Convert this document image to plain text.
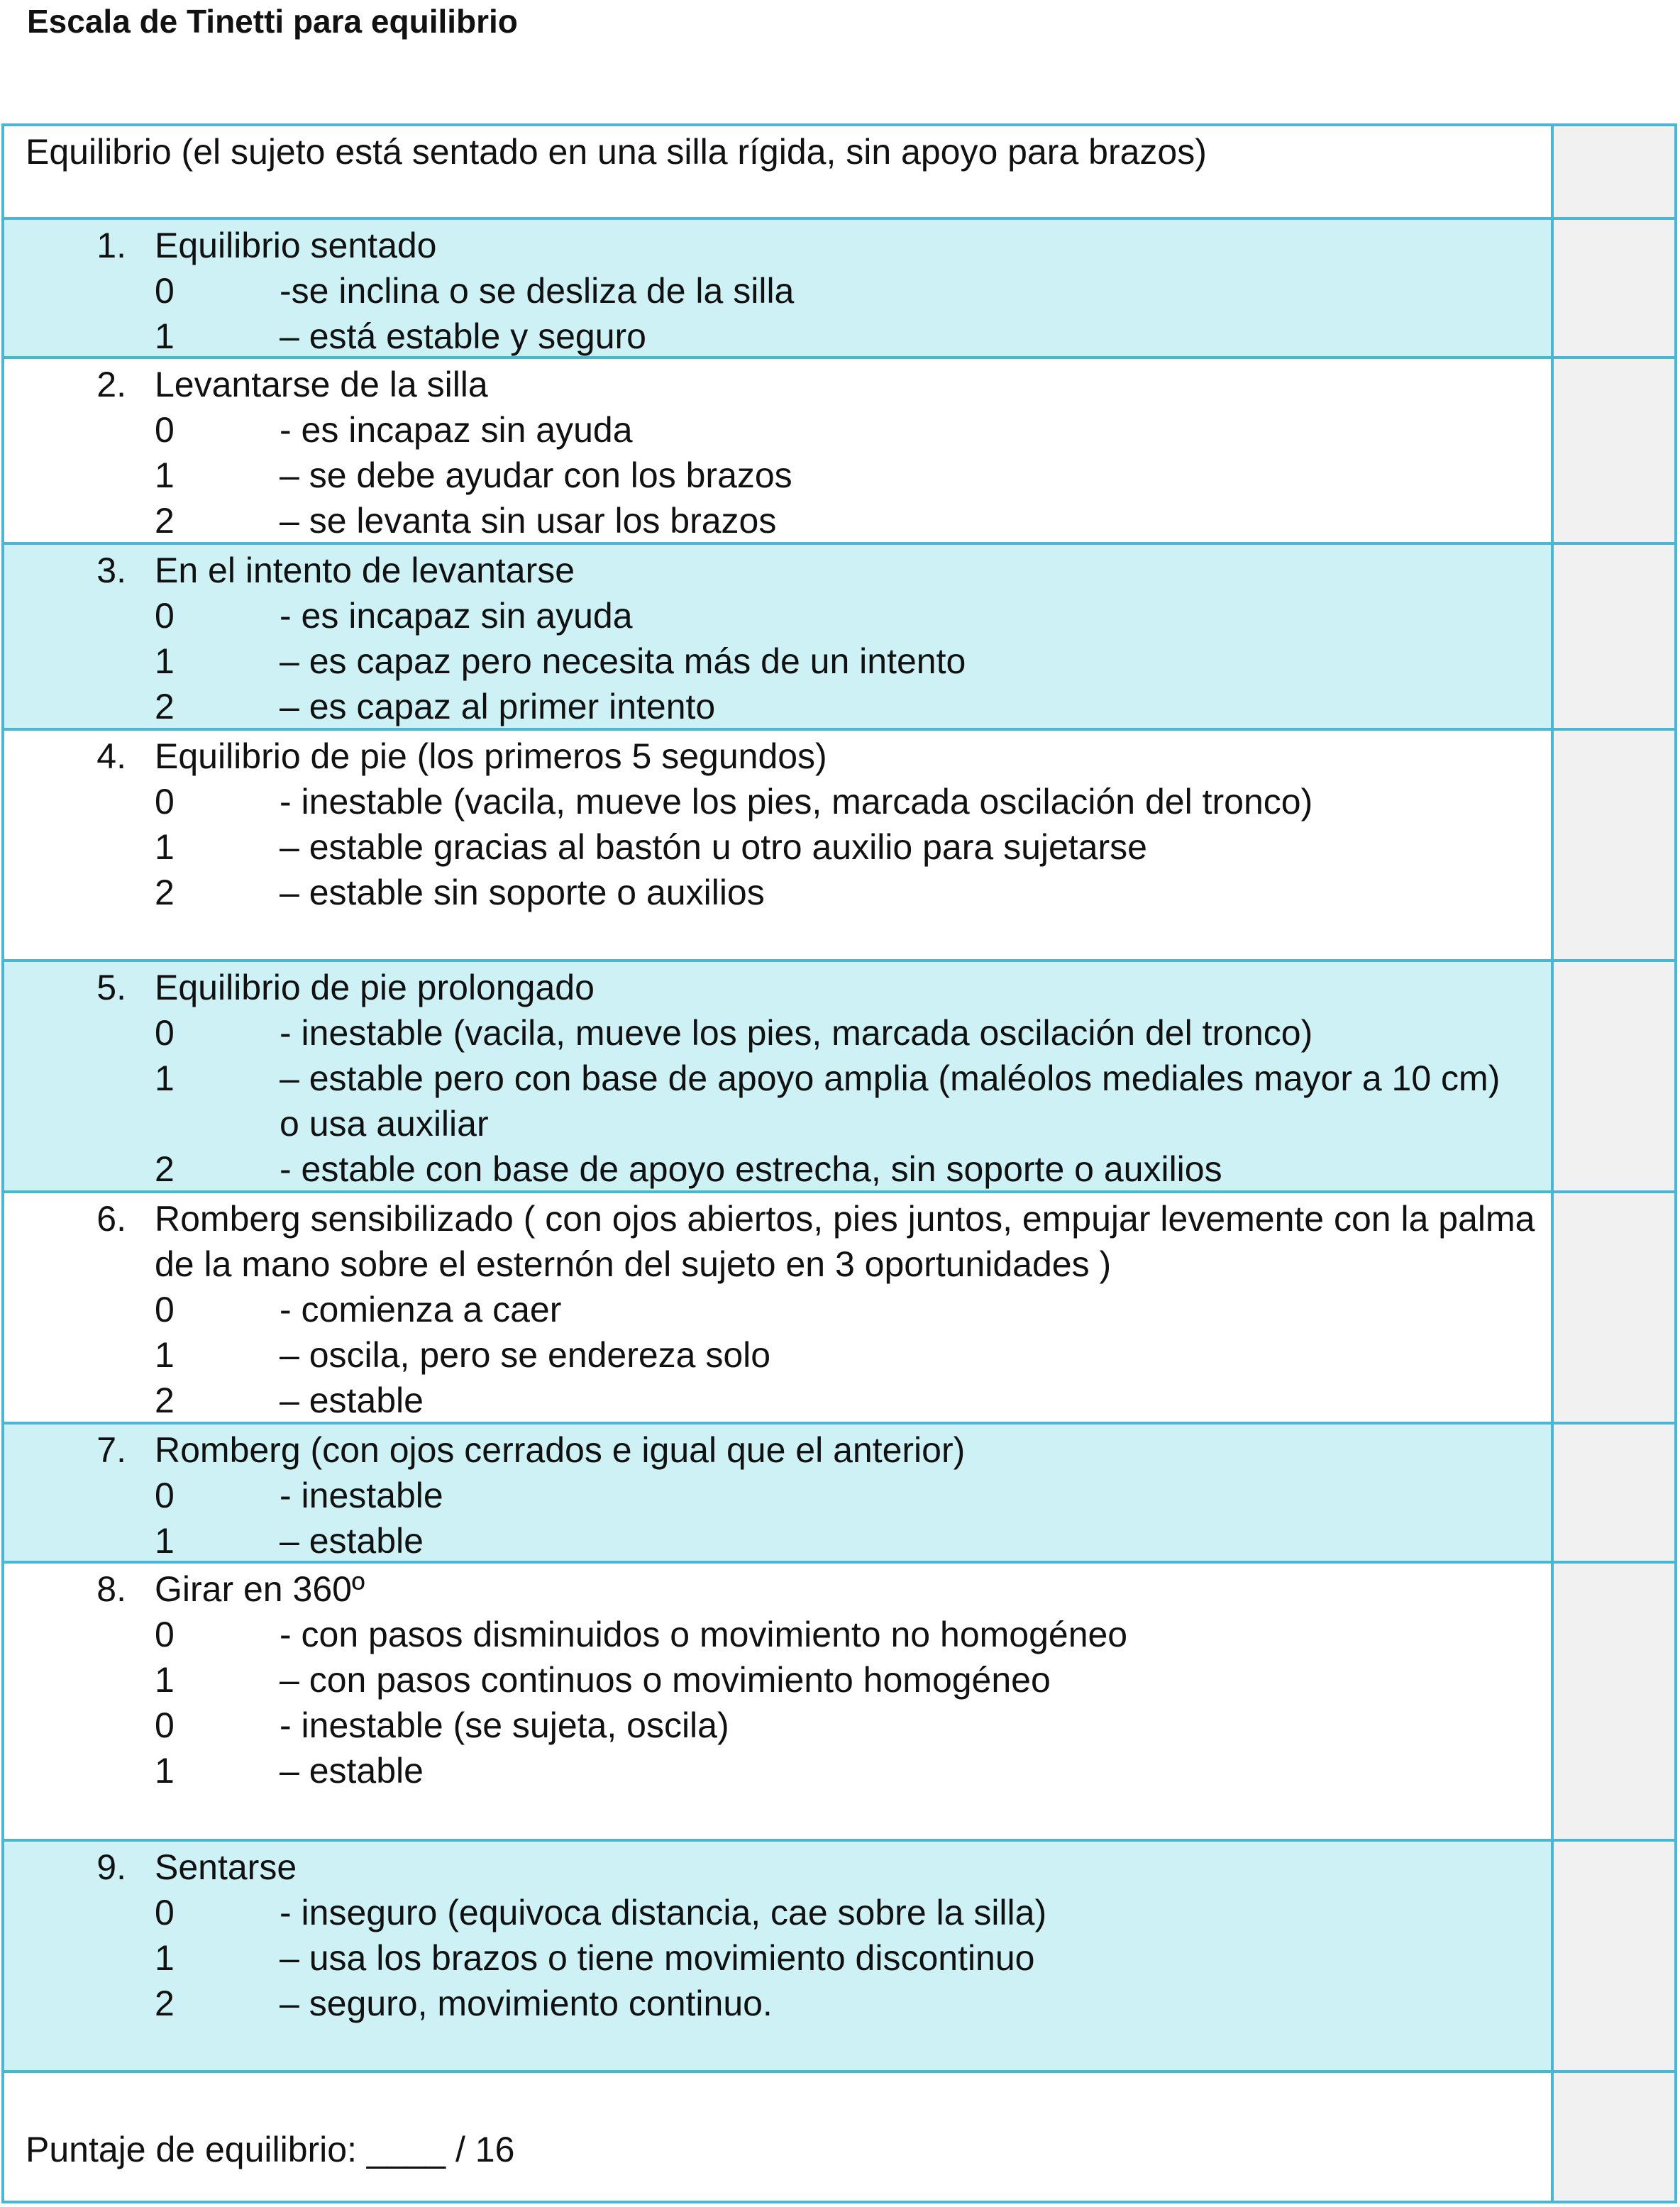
Escala de Tinetti para equilibrio
Equilibrio (el sujeto está sentado en una silla rígida, sin apoyo para brazos)
1. Equilibrio sentado
0	-se inclina o se desliza de la silla
1	– está estable y seguro
2. Levantarse de la silla
0	- es incapaz sin ayuda
1	– se debe ayudar con los brazos
2	– se levanta sin usar los brazos
3. En el intento de levantarse
0	- es incapaz sin ayuda
1	– es capaz pero necesita más de un intento
2	– es capaz al primer intento
4. Equilibrio de pie (los primeros 5 segundos)
0	- inestable (vacila, mueve los pies, marcada oscilación del tronco)
1	– estable gracias al bastón u otro auxilio para sujetarse
2	– estable sin soporte o auxilios
5. Equilibrio de pie prolongado
0	- inestable (vacila, mueve los pies, marcada oscilación del tronco)
1	– estable pero con base de apoyo amplia (maléolos mediales mayor a 10 cm) o usa auxiliar
2	- estable con base de apoyo estrecha, sin soporte o auxilios
6. Romberg sensibilizado ( con ojos abiertos, pies juntos, empujar levemente con la palma de la mano sobre el esternón del sujeto en 3 oportunidades )
0	- comienza a caer
1	– oscila, pero se endereza solo
2	– estable
7. Romberg (con ojos cerrados e igual que el anterior)
0	- inestable
1	– estable
8. Girar en 360º
0	- con pasos disminuidos o movimiento no homogéneo
1	– con pasos continuos o movimiento homogéneo
0	- inestable (se sujeta, oscila)
1	– estable
9. Sentarse
0	- inseguro (equivoca distancia, cae sobre la silla)
1	– usa los brazos o tiene movimiento discontinuo
2	– seguro, movimiento continuo.
Puntaje de equilibrio: ____ / 16
